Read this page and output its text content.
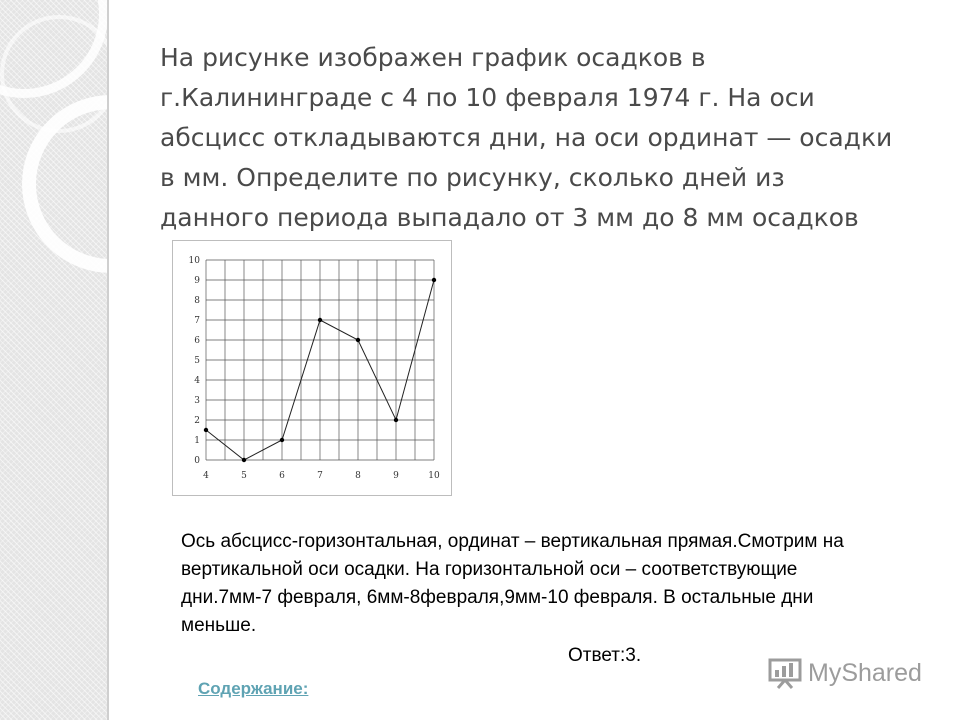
На рисунке изображен график осадков в
г.Калининграде с 4 по 10 февраля 1974 г. На оси
абсцисс откладываются дни, на оси ординат — осадки
в мм. Определите по рисунку, сколько дней из
данного периода выпадало от 3 мм до 8 мм осадков
0
1
2
3
4
5
6
7
8
9
10
4	5	6	7	8	9	10

Ось абсцисс-горизонтальная, ординат – вертикальная прямая.Смотрим на вертикальной оси осадки. На горизонтальной оси – соответствующие дни.7мм-7 февраля, 6мм-8февраля,9мм-10 февраля. В остальные дни меньше.

Ответ:3.
Содержание:
MyShared
